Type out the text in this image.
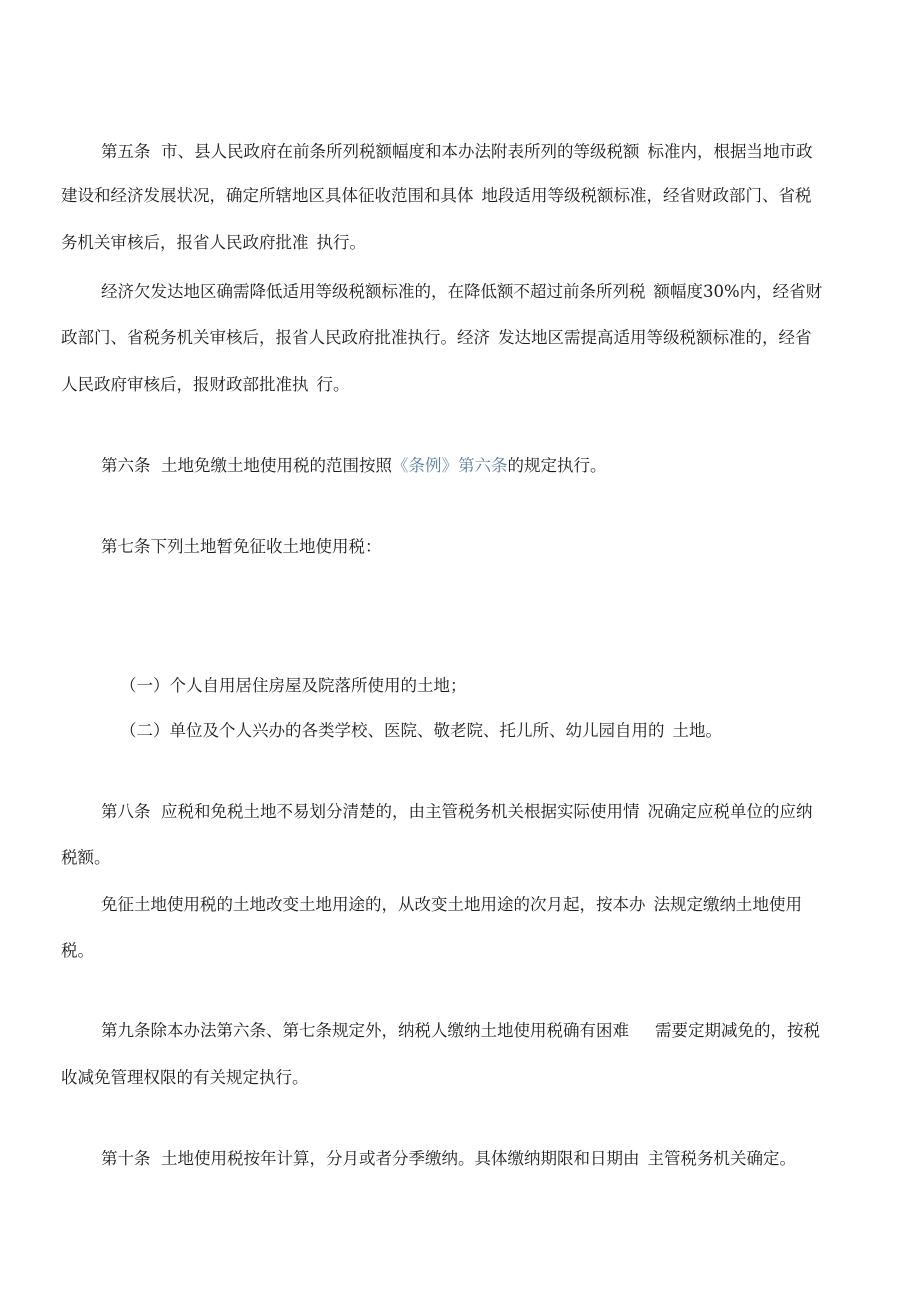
第五条  市、县人民政府在前条所列税额幅度和本办法附表所列的等级税额 标准内，根据当地市政
建设和经济发展状况，确定所辖地区具体征收范围和具体 地段适用等级税额标准，经省财政部门、省税
务机关审核后，报省人民政府批准 执行。
经济欠发达地区确需降低适用等级税额标准的，在降低额不超过前条所列税 额幅度30%内，经省财
政部门、省税务机关审核后，报省人民政府批准执行。经济 发达地区需提高适用等级税额标准的，经省
人民政府审核后，报财政部批准执 行。
第六条  土地免缴土地使用税的范围按照《条例》第六条的规定执行。
第七条下列土地暂免征收土地使用税：
（一）个人自用居住房屋及院落所使用的土地；
（二）单位及个人兴办的各类学校、医院、敬老院、托儿所、幼儿园自用的 土地。
第八条  应税和免税土地不易划分清楚的，由主管税务机关根据实际使用情 况确定应税单位的应纳
税额。
免征土地使用税的土地改变土地用途的，从改变土地用途的次月起，按本办 法规定缴纳土地使用
税。
第九条除本办法第六条、第七条规定外，纳税人缴纳土地使用税确有困难 需要定期减免的，按税
收减免管理权限的有关规定执行。
第十条  土地使用税按年计算，分月或者分季缴纳。具体缴纳期限和日期由 主管税务机关确定。
